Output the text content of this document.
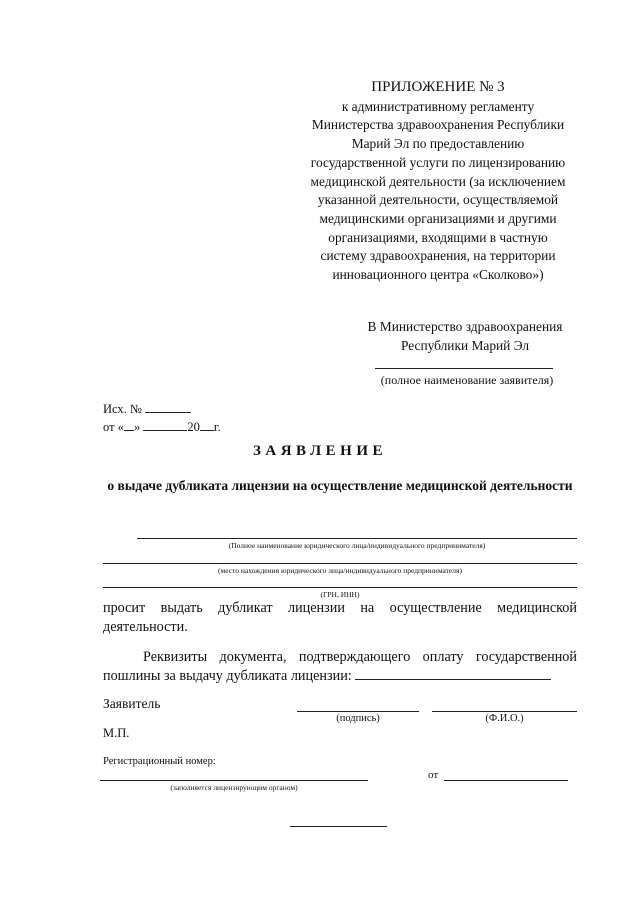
ПРИЛОЖЕНИЕ № 3
к административному регламенту
Министерства здравоохранения Республики
Марий Эл по предоставлению
государственной услуги по лицензированию
медицинской деятельности (за исключением
указанной деятельности, осуществляемой
медицинскими организациями и другими
организациями, входящими в частную
систему здравоохранения, на территории
инновационного центра «Сколково»)
В Министерство здравоохранения
Республики Марий Эл
(полное наименование заявителя)
Исх. №
от « »	20 г.
ЗАЯВЛЕНИЕ
о выдаче дубликата лицензии на осуществление медицинской деятельности
(Полное наименование юридического лица/индивидуального предпринимателя)
(место нахождения юридического лица/индивидуального предпринимателя)
(ГРН, ИНН)
просит выдать дубликат лицензии на осуществление медицинской деятельности.
Реквизиты документа, подтверждающего оплату государственной пошлины за выдачу дубликата лицензии:
Заявитель
(подпись)	(Ф.И.О.)
М.П.
Регистрационный номер:
от
(заполняется лицензирующим органом)
